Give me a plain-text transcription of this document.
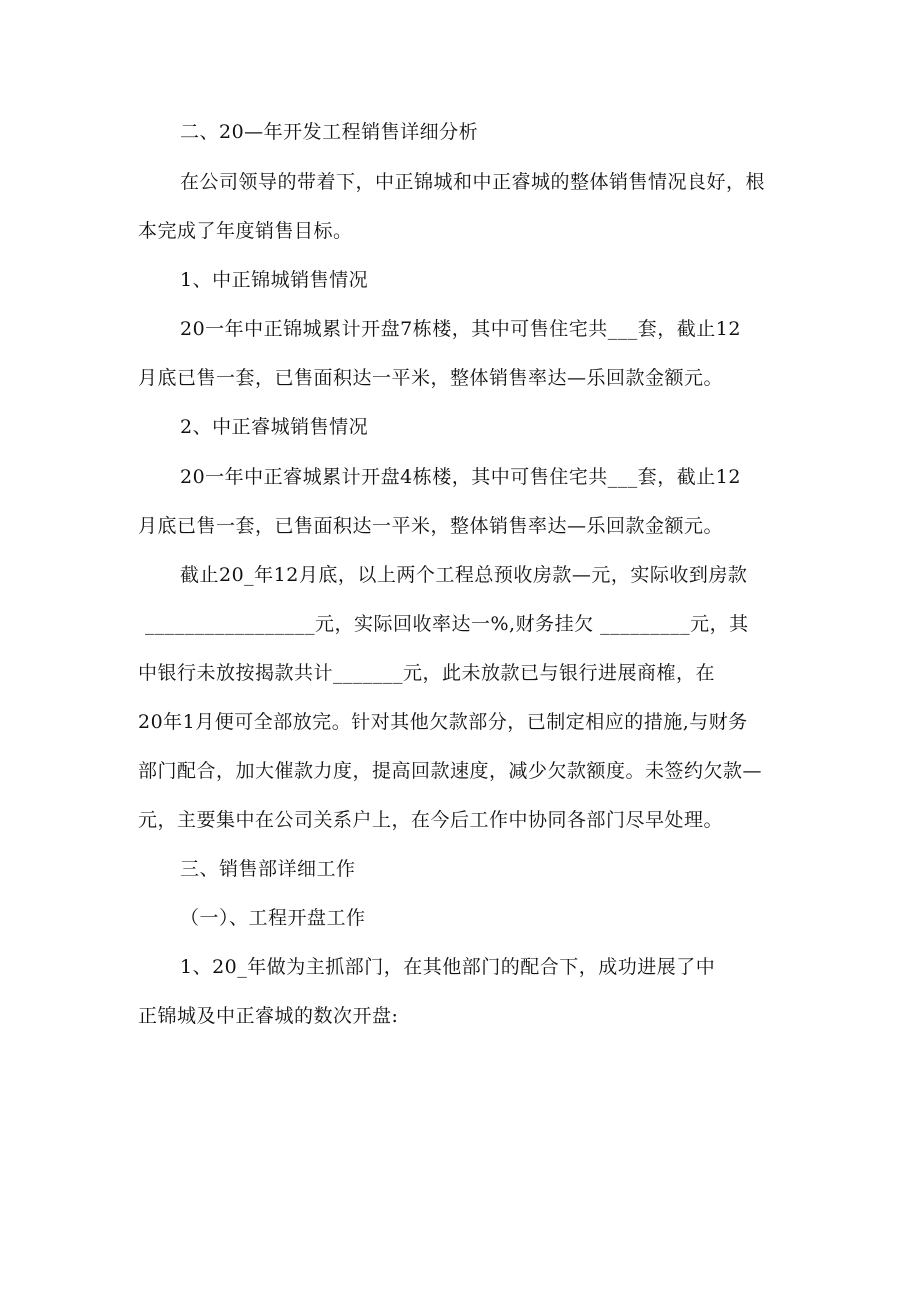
二、20—年开发工程销售详细分析
在公司领导的带着下，中正锦城和中正睿城的整体销售情况良好，根
本完成了年度销售目标。
1、中正锦城销售情况
20一年中正锦城累计开盘7栋楼，其中可售住宅共___套，截止12
月底已售一套，已售面积达一平米，整体销售率达—乐回款金额元。
2、中正睿城销售情况
20一年中正睿城累计开盘4栋楼，其中可售住宅共___套，截止12
月底已售一套，已售面积达一平米，整体销售率达—乐回款金额元。
截止20_年12月底，以上两个工程总预收房款—元，实际收到房款
_________________元，实际回收率达一%,财务挂欠 _________元，其
中银行未放按揭款共计_______元，此未放款已与银行进展商榷，在
20年1月便可全部放完。针对其他欠款部分，已制定相应的措施,与财务
部门配合，加大催款力度，提高回款速度，减少欠款额度。未签约欠款—
元，主要集中在公司关系户上，在今后工作中协同各部门尽早处理。
三、销售部详细工作
（一）、工程开盘工作
1、20_年做为主抓部门，在其他部门的配合下，成功进展了中
正锦城及中正睿城的数次开盘:
